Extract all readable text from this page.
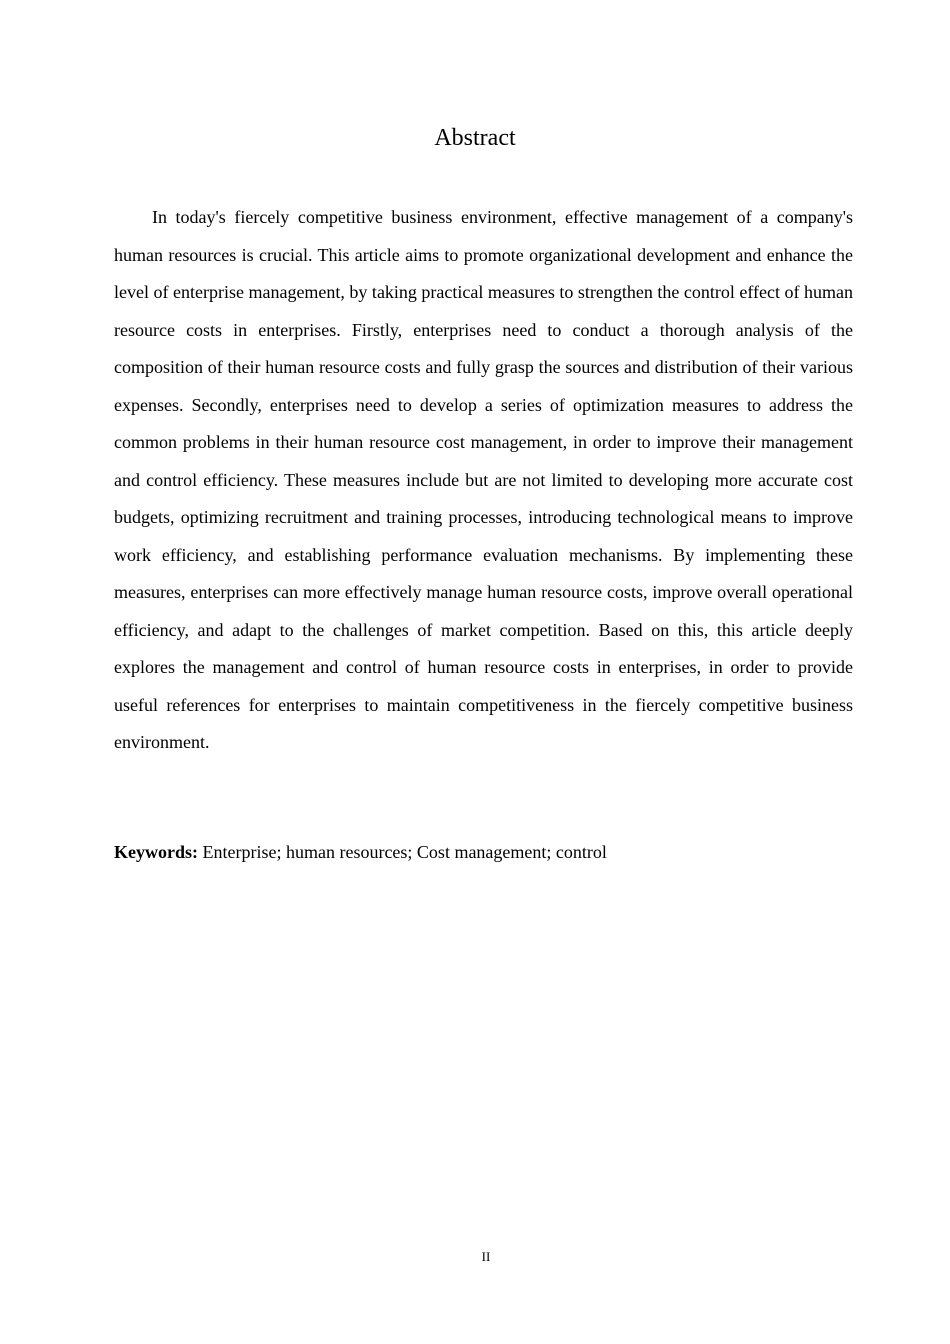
Abstract

In today's fiercely competitive business environment, effective management of a company's human resources is crucial. This article aims to promote organizational development and enhance the level of enterprise management, by taking practical measures to strengthen the control effect of human resource costs in enterprises. Firstly, enterprises need to conduct a thorough analysis of the composition of their human resource costs and fully grasp the sources and distribution of their various expenses. Secondly, enterprises need to develop a series of optimization measures to address the common problems in their human resource cost management, in order to improve their management and control efficiency. These measures include but are not limited to developing more accurate cost budgets, optimizing recruitment and training processes, introducing technological means to improve work efficiency, and establishing performance evaluation mechanisms. By implementing these measures, enterprises can more effectively manage human resource costs, improve overall operational efficiency, and adapt to the challenges of market competition. Based on this, this article deeply explores the management and control of human resource costs in enterprises, in order to provide useful references for enterprises to maintain competitiveness in the fiercely competitive business environment.

Keywords: Enterprise; human resources; Cost management; control

II
